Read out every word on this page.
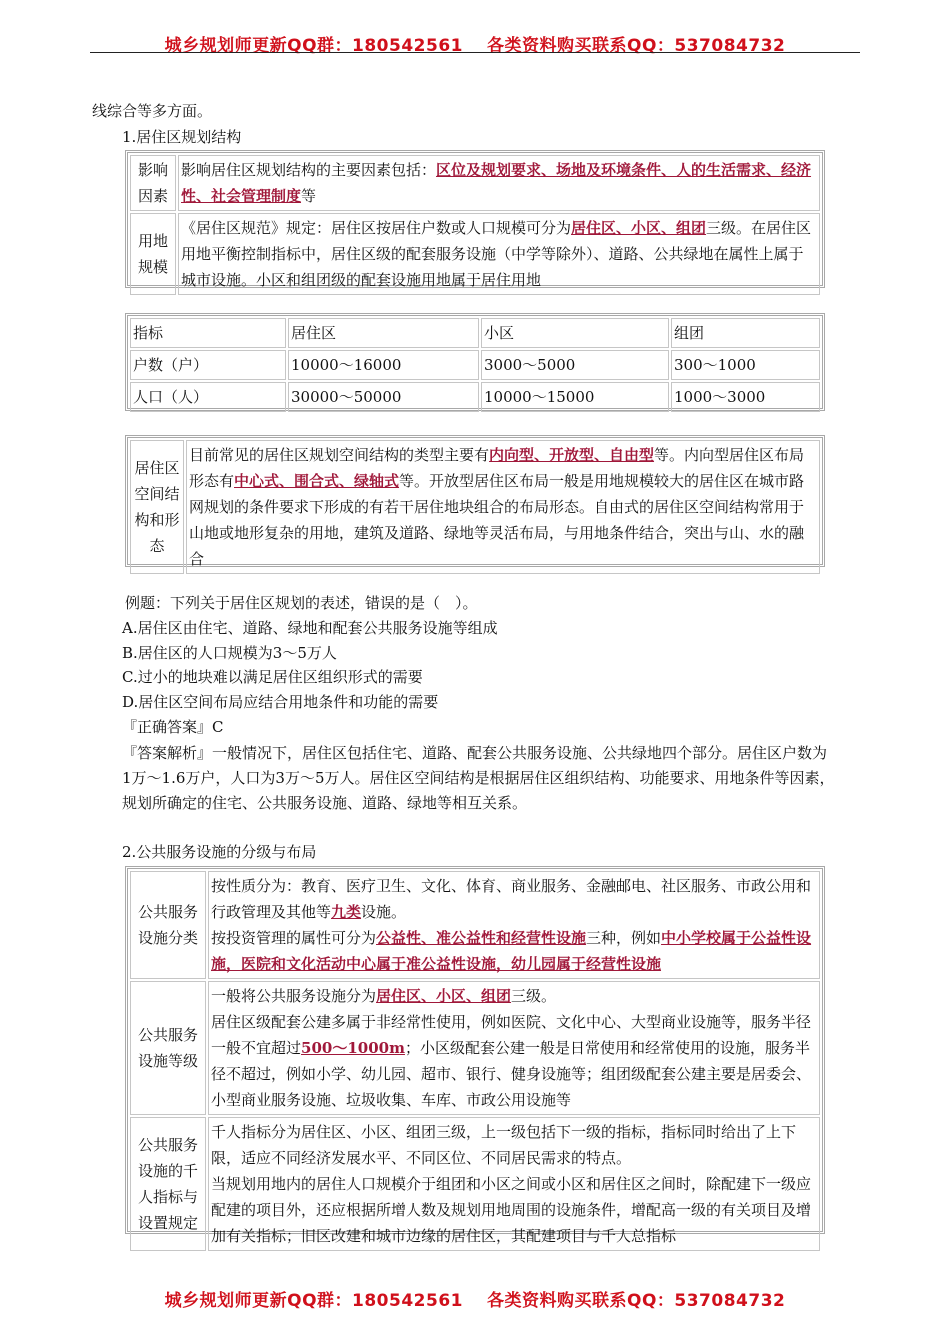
城乡规划师更新QQ群：180542561 各类资料购买联系QQ：537084732
线综合等多方面。
1.居住区规划结构
影响因素	影响居住区规划结构的主要因素包括：区位及规划要求、场地及环境条件、人的生活需求、经济性、社会管理制度等
用地规模	《居住区规范》规定：居住区按居住户数或人口规模可分为居住区、小区、组团三级。在居住区用地平衡控制指标中，居住区级的配套服务设施（中学等除外）、道路、公共绿地在属性上属于城市设施。小区和组团级的配套设施用地属于居住用地
指标	居住区	小区	组团
户数（户）	10000～16000	3000～5000	300～1000
人口（人）	30000～50000	10000～15000	1000～3000
居住区空间结构和形态	目前常见的居住区规划空间结构的类型主要有内向型、开放型、自由型等。内向型居住区布局形态有中心式、围合式、绿轴式等。开放型居住区布局一般是用地规模较大的居住区在城市路网规划的条件要求下形成的有若干居住地块组合的布局形态。自由式的居住区空间结构常用于山地或地形复杂的用地，建筑及道路、绿地等灵活布局，与用地条件结合，突出与山、水的融合
例题：下列关于居住区规划的表述，错误的是（　）。
A.居住区由住宅、道路、绿地和配套公共服务设施等组成
B.居住区的人口规模为3～5万人
C.过小的地块难以满足居住区组织形式的需要
D.居住区空间布局应结合用地条件和功能的需要
『正确答案』C
『答案解析』一般情况下，居住区包括住宅、道路、配套公共服务设施、公共绿地四个部分。居住区户数为1万～1.6万户，人口为3万～5万人。居住区空间结构是根据居住区组织结构、功能要求、用地条件等因素，规划所确定的住宅、公共服务设施、道路、绿地等相互关系。
2.公共服务设施的分级与布局
公共服务设施分类	按性质分为：教育、医疗卫生、文化、体育、商业服务、金融邮电、社区服务、市政公用和行政管理及其他等九类设施。
按投资管理的属性可分为公益性、准公益性和经营性设施三种，例如中小学校属于公益性设施，医院和文化活动中心属于准公益性设施，幼儿园属于经营性设施
公共服务设施等级	一般将公共服务设施分为居住区、小区、组团三级。
居住区级配套公建多属于非经常性使用，例如医院、文化中心、大型商业设施等，服务半径一般不宜超过500～1000m；小区级配套公建一般是日常使用和经常使用的设施，服务半径不超过，例如小学、幼儿园、超市、银行、健身设施等；组团级配套公建主要是居委会、小型商业服务设施、垃圾收集、车库、市政公用设施等
公共服务设施的千人指标与设置规定	千人指标分为居住区、小区、组团三级，上一级包括下一级的指标，指标同时给出了上下限，适应不同经济发展水平、不同区位、不同居民需求的特点。
当规划用地内的居住人口规模介于组团和小区之间或小区和居住区之间时，除配建下一级应配建的项目外，还应根据所增人数及规划用地周围的设施条件，增配高一级的有关项目及增加有关指标；旧区改建和城市边缘的居住区，其配建项目与千人总指标
城乡规划师更新QQ群：180542561 各类资料购买联系QQ：537084732
